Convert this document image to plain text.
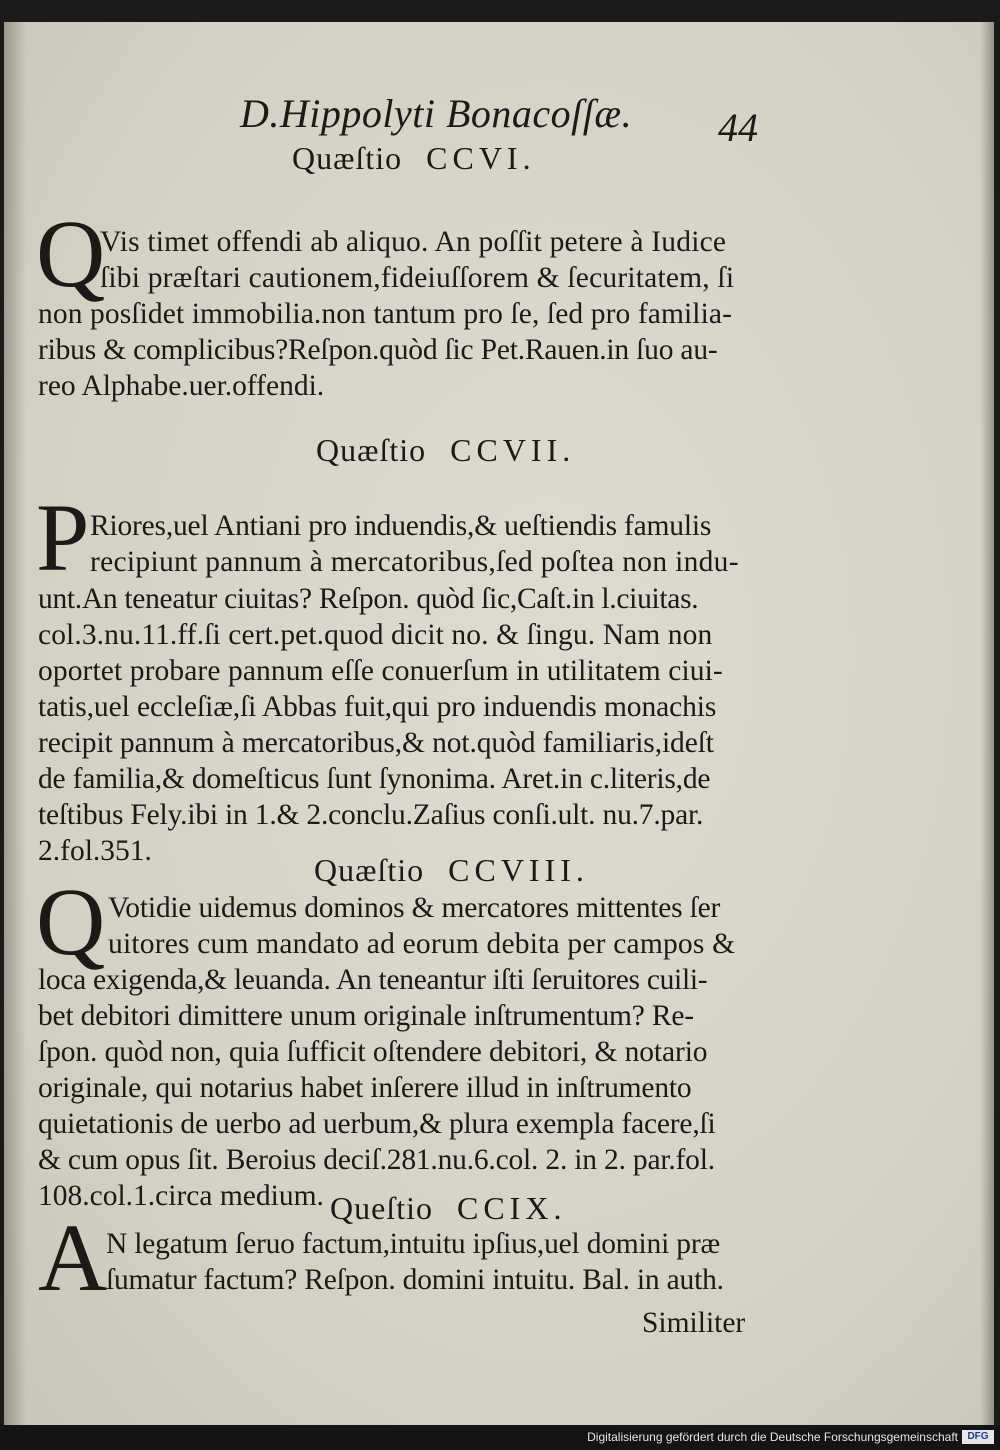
D.Hippolyti Bonacoſſæ. 44
Quæſtio CCVI.
Q
Vis timet offendi ab aliquo. An poſſit petere à Iudice
ſibi præſtari cautionem,fideiuſſorem & ſecuritatem, ſi
non posſidet immobilia.non tantum pro ſe, ſed pro familia-
ribus & complicibus?Reſpon.quòd ſic Pet.Rauen.in ſuo au-
reo Alphabe.uer.offendi.
Quæſtio CCVII.
P Riores,uel Antiani pro induendis,& ueſtiendis famulis
recipiunt pannum à mercatoribus,ſed poſtea non indu-
unt.An teneatur ciuitas? Reſpon. quòd ſic,Caſt.in l.ciuitas.
col.3.nu.11.ff.ſi cert.pet.quod dicit no. & ſingu. Nam non
oportet probare pannum eſſe conuerſum in utilitatem ciui-
tatis,uel eccleſiæ,ſi Abbas fuit,qui pro induendis monachis
recipit pannum à mercatoribus,& not.quòd familiaris,ideſt
de familia,& domeſticus ſunt ſynonima. Aret.in c.literis,de
teſtibus Fely.ibi in 1.& 2.conclu.Zaſius conſi.ult. nu.7.par.
2.fol.351.
Quæſtio CCVIII.
Q Votidie uidemus dominos & mercatores mittentes ſer
uitores cum mandato ad eorum debita per campos &
loca exigenda,& leuanda. An teneantur iſti ſeruitores cuili-
bet debitori dimittere unum originale inſtrumentum? Re-
ſpon. quòd non, quia ſufficit oſtendere debitori, & notario
originale, qui notarius habet inſerere illud in inſtrumento
quietationis de uerbo ad uerbum,& plura exempla facere,ſi
& cum opus ſit. Beroius deciſ.281.nu.6.col. 2. in 2. par.fol.
108.col.1.circa medium. Queſtio CCIX.
A
N legatum ſeruo factum,intuitu ipſius,uel domini præ
ſumatur factum? Reſpon. domini intuitu. Bal. in auth.
Similiter
Digitalisierung gefördert durch die Deutsche Forschungsgemeinschaft DFG
